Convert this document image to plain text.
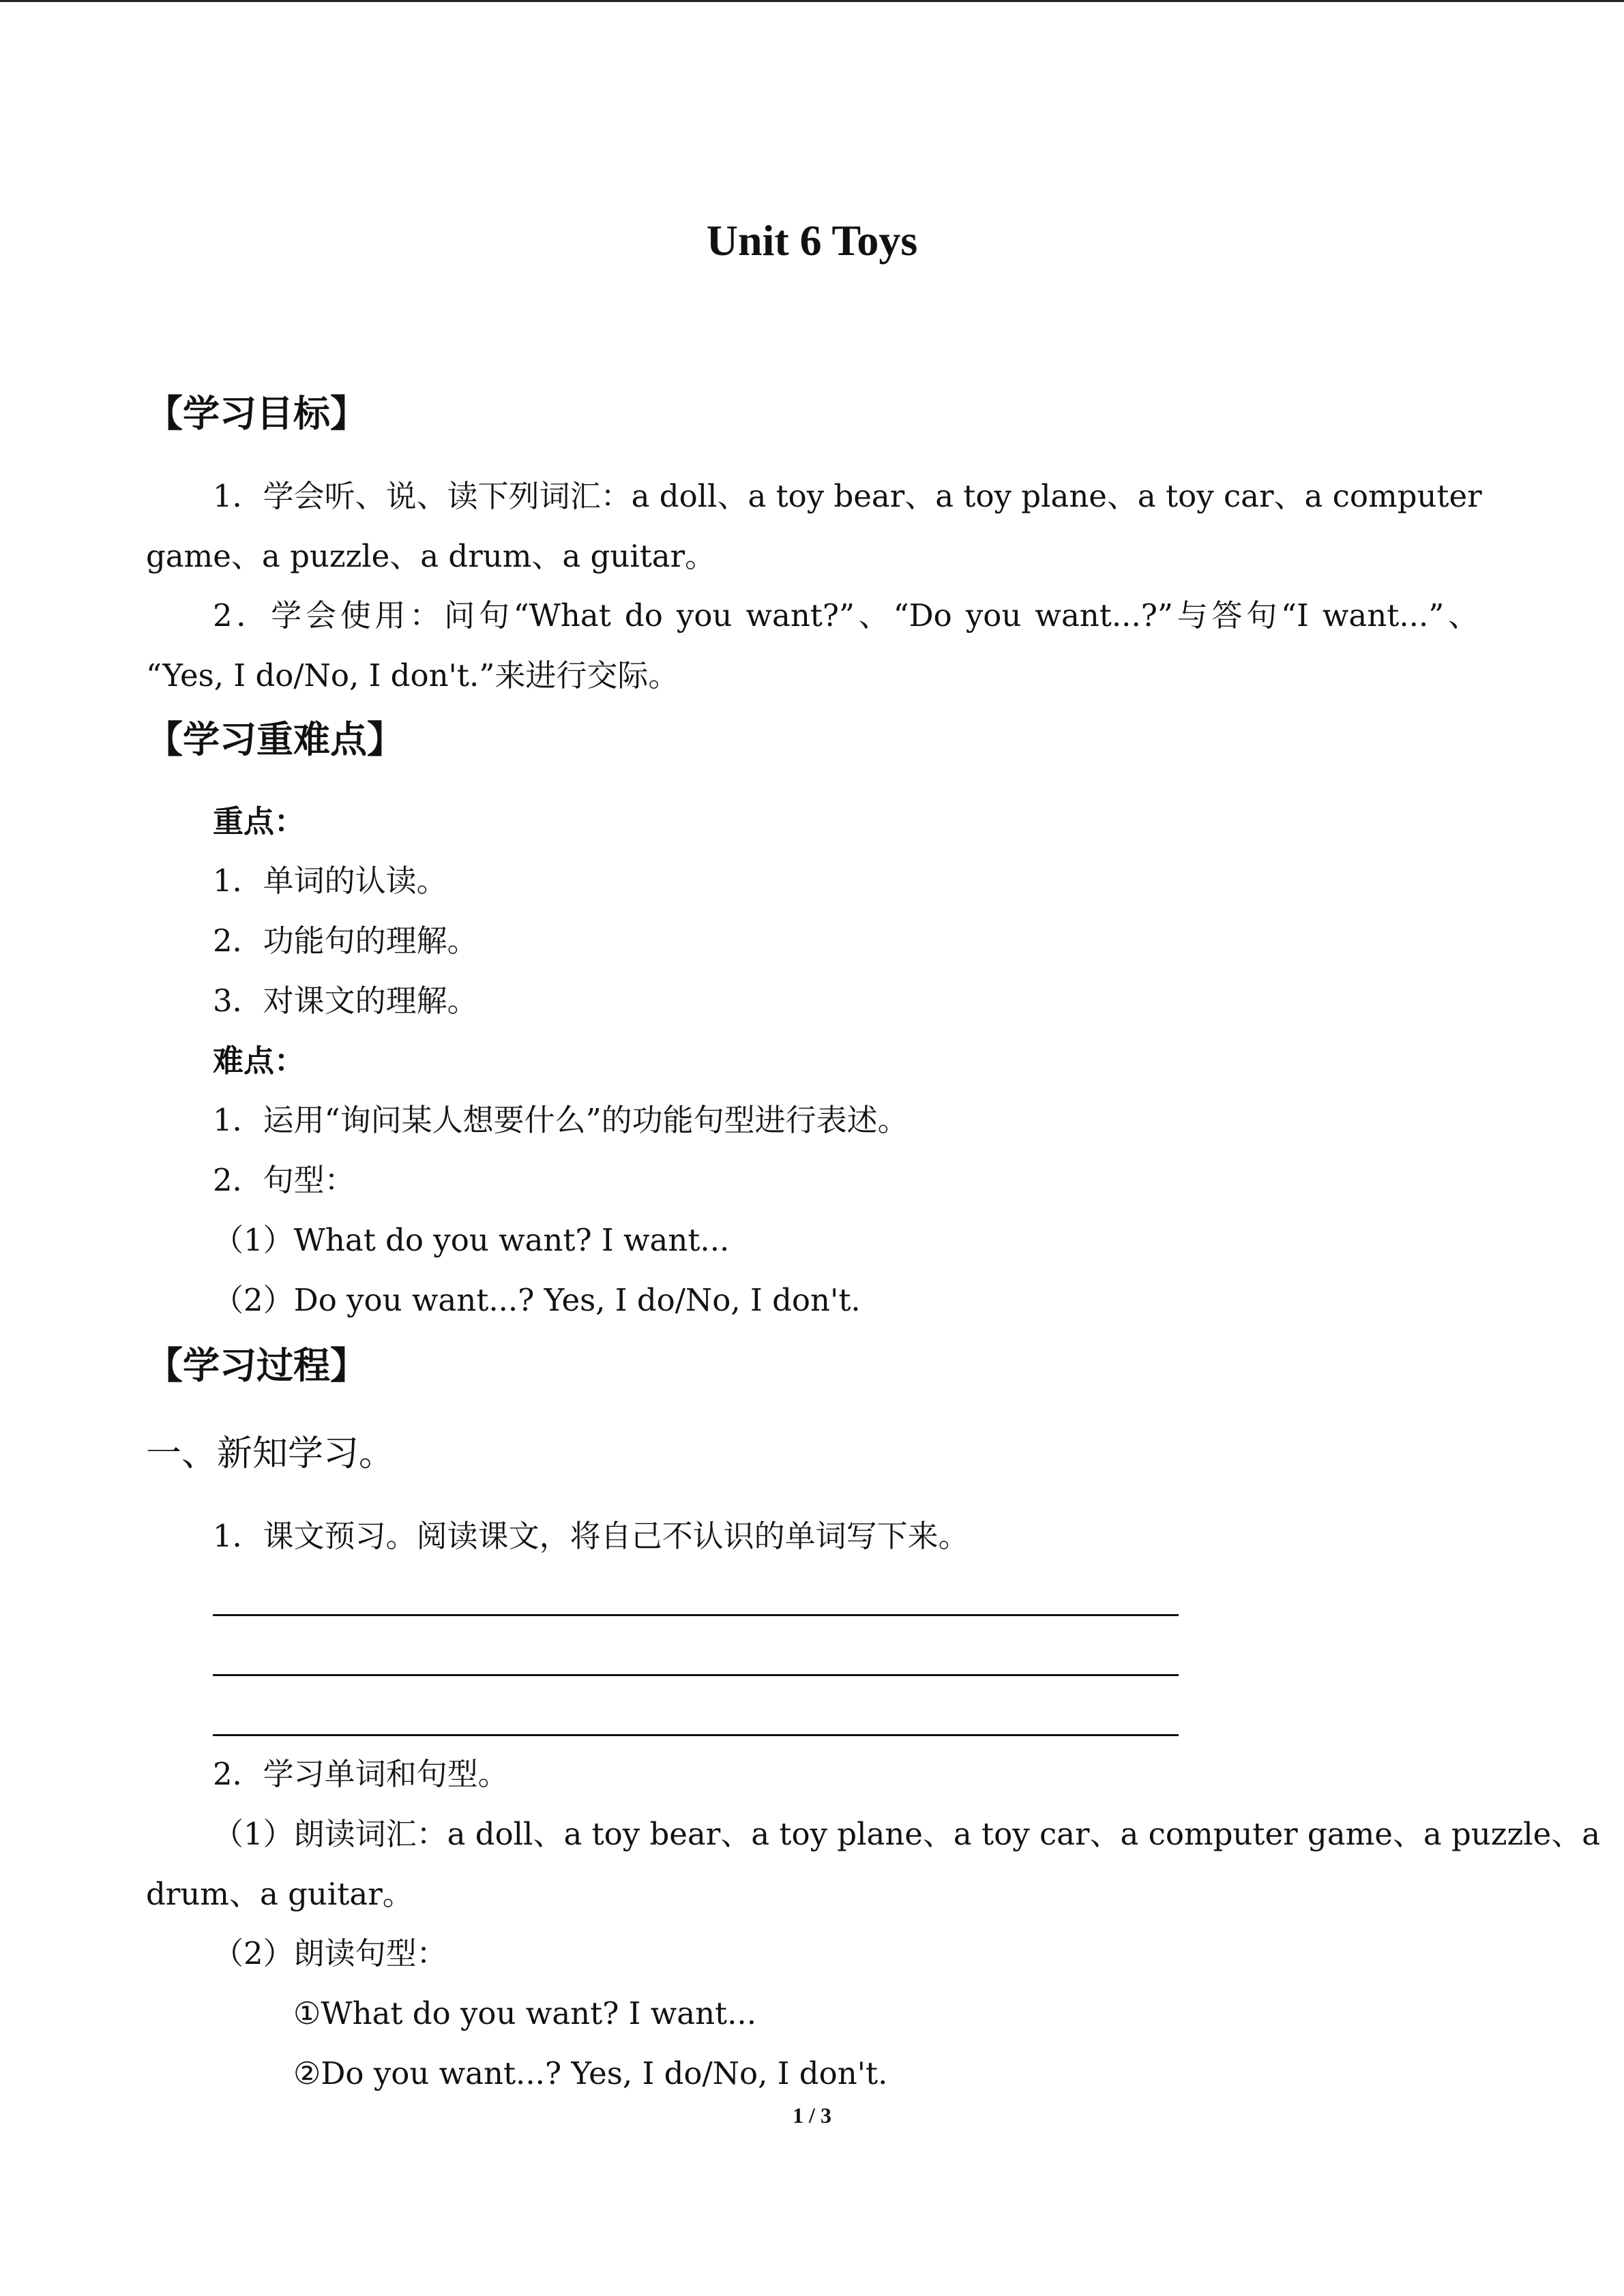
Unit 6 Toys
【学习目标】
1．学会听、说、读下列词汇：a doll、a toy bear、a toy plane、a toy car、a computer
game、a puzzle、a drum、a guitar。
2．学会使用：问句“What do you want?”、“Do you want...?”与答句“I want...”、
“Yes, I do/No, I don't.”来进行交际。
【学习重难点】
重点：
1．单词的认读。
2．功能句的理解。
3．对课文的理解。
难点：
1．运用“询问某人想要什么”的功能句型进行表述。
2．句型：
（1）What do you want? I want...
（2）Do you want...? Yes, I do/No, I don't.
【学习过程】
一、新知学习。
1．课文预习。阅读课文，将自己不认识的单词写下来。
2．学习单词和句型。
（1）朗读词汇：a doll、a toy bear、a toy plane、a toy car、a computer game、a puzzle、a
drum、a guitar。
（2）朗读句型：
①What do you want? I want...
②Do you want...? Yes, I do/No, I don't.
1 / 3
